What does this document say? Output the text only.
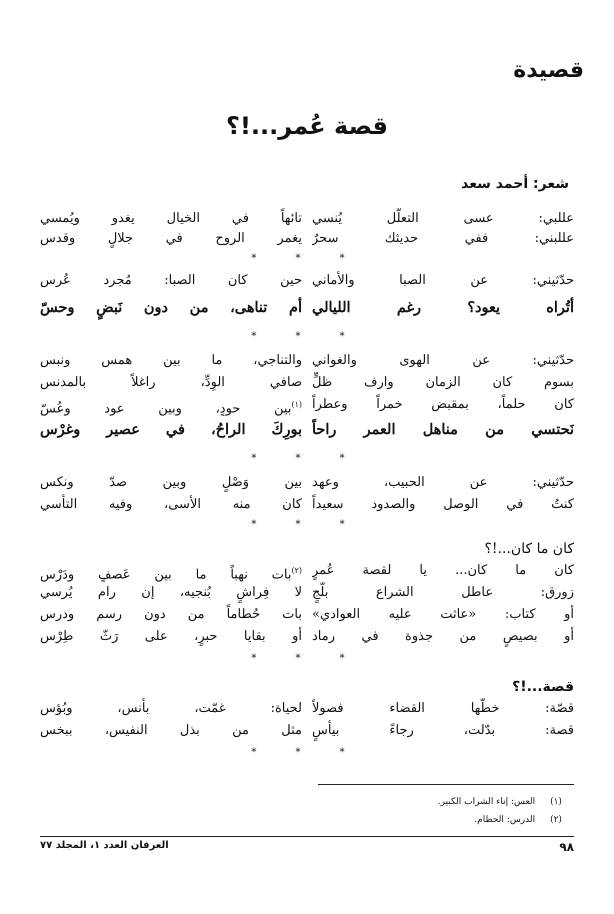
قصيدة
قصة عُمر...!؟
شعر: أحمد سعد
عللبي: عسى التعلّل يُنسي
تائهاً في الخيال يغدو ويُمسي
عللبني: ففي حديثك سحرٌ
يغمر الروح في جلالٍ وقدس
* * *
حدّثيني: عن الصبا والأماني
حين كان الصبا: مُجرد عُرس
أتُراه يعود؟ رغم الليالي
أم تناهى، من دون نَبضٍ وحسّ
* * *
حدّثيني: عن الهوى والغواني
والتناجي، ما بين همس ونبس
بسوم كان الزمان وارف ظلٍّ
صافي الوِدِّ، راغلاً بالمدنس
كان حلماً، بمقبض خمراً وعطراً
$^{(١)}$بين حودٍ، وبين عود وعُسّ
نَحتسي من مناهل العمر راحاً
بورِكَ الراحُ، في عصير وغرْس
* * *
حدّثيني: عن الحبيب، وعهد
بين وَصْلٍ وبين صدّ ونكس
كنتُ في الوصل والصدود سعيداً
كان منه الأسى، وفيه التأسي
* * *
كان ما كان...!؟
كان ما كان... يا لقصة عُمرٍ
$^{(٢)}$بات نهباً ما بين عَصفٍ ودَرْس
زورق: عاطل الشراع بلُّجٍ
لا فِراشٍ بُنجيه، إن رام يُرسي
أو كتاب: «عاثت عليه العوادي»
بات حُطاماً من دون رسم ودرس
أو بصيصٍ من جذوة في رماد
أو بقايا حبرٍ، على رَثّ طِرْس
* * *
قصة...!؟
قصّة: خطّها القضاء فصولاً
لحياة: غمّت، بأُنس، وبُؤس
قصة: بدّلت، رجاءً بيأسٍ
مثل من بذل النفيس، ببخس
* * *
(١) العس: إناء الشراب الكبير.
(٢) الدرس: الحطام.
٩٨
العرفان العدد ١، المجلد ٧٧
